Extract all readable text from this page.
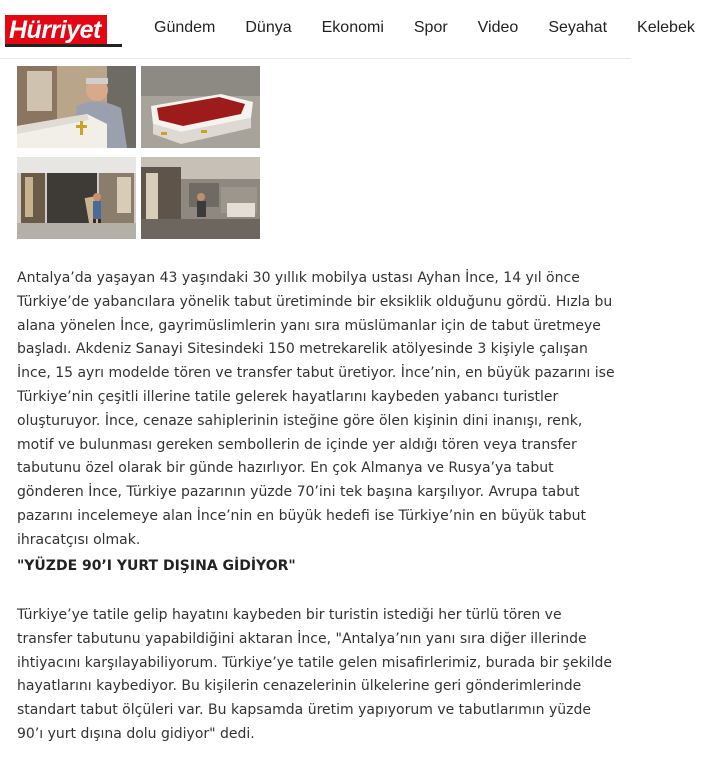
Hürriyet	Gündem Dünya Ekonomi Spor Video Seyahat Kelebek

Antalya’da yaşayan 43 yaşındaki 30 yıllık mobilya ustası Ayhan İnce, 14 yıl önce Türkiye’de yabancılara yönelik tabut üretiminde bir eksiklik olduğunu gördü. Hızla bu alana yönelen İnce, gayrimüslimlerin yanı sıra müslümanlar için de tabut üretmeye başladı. Akdeniz Sanayi Sitesindeki 150 metrekarelik atölyesinde 3 kişiyle çalışan İnce, 15 ayrı modelde tören ve transfer tabut üretiyor. İnce’nin, en büyük pazarını ise Türkiye’nin çeşitli illerine tatile gelerek hayatlarını kaybeden yabancı turistler oluşturuyor. İnce, cenaze sahiplerinin isteğine göre ölen kişinin dini inanışı, renk, motif ve bulunması gereken sembollerin de içinde yer aldığı tören veya transfer tabutunu özel olarak bir günde hazırlıyor. En çok Almanya ve Rusya’ya tabut gönderen İnce, Türkiye pazarının yüzde 70’ini tek başına karşılıyor. Avrupa tabut pazarını incelemeye alan İnce’nin en büyük hedefi ise Türkiye’nin en büyük tabut ihracatçısı olmak.

"YÜZDE 90’I YURT DIŞINA GİDİYOR"

Türkiye’ye tatile gelip hayatını kaybeden bir turistin istediği her türlü tören ve transfer tabutunu yapabildiğini aktaran İnce, "Antalya’nın yanı sıra diğer illerinde ihtiyacını karşılayabiliyorum. Türkiye’ye tatile gelen misafirlerimiz, burada bir şekilde hayatlarını kaybediyor. Bu kişilerin cenazelerinin ülkelerine geri gönderimlerinde standart tabut ölçüleri var. Bu kapsamda üretim yapıyorum ve tabutlarımın yüzde 90’ı yurt dışına dolu gidiyor" dedi.
